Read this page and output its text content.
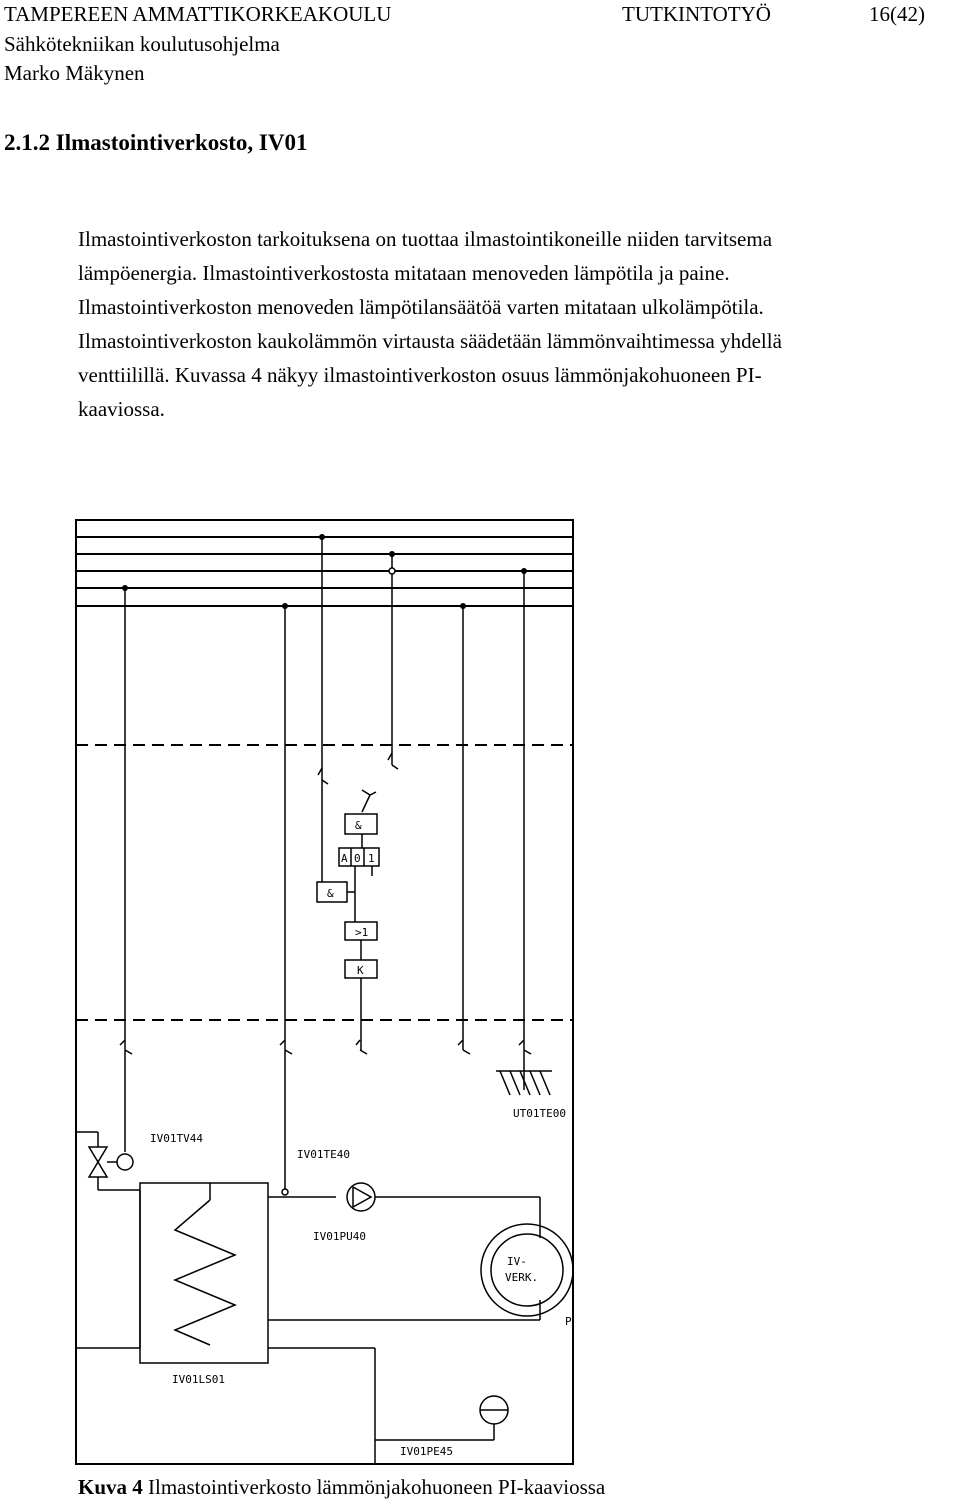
TAMPEREEN AMMATTIKORKEAKOULU	TUTKINTOTYÖ	16(42)
Sähkötekniikan koulutusohjelma
Marko Mäkynen
2.1.2 Ilmastointiverkosto, IV01

Ilmastointiverkoston tarkoituksena on tuottaa ilmastointikoneille niiden tarvitsema

lämpöenergia. Ilmastointiverkostosta mitataan menoveden lämpötila ja paine.

Ilmastointiverkoston menoveden lämpötilansäätöä varten mitataan ulkolämpötila.

Ilmastointiverkoston kaukolämmön virtausta säädetään lämmönvaihtimessa yhdellä

venttiilillä. Kuvassa 4 näkyy ilmastointiverkoston osuus lämmönjakohuoneen PI-

kaaviossa.

IV01TV44
IV01TE40
IV01PU40
UT01TE00
IV01LS01
IV01PE45
IV-
VERK.
P
&
&
A 0 1
>1
K
Kuva 4 Ilmastointiverkosto lämmönjakohuoneen PI-kaaviossa
